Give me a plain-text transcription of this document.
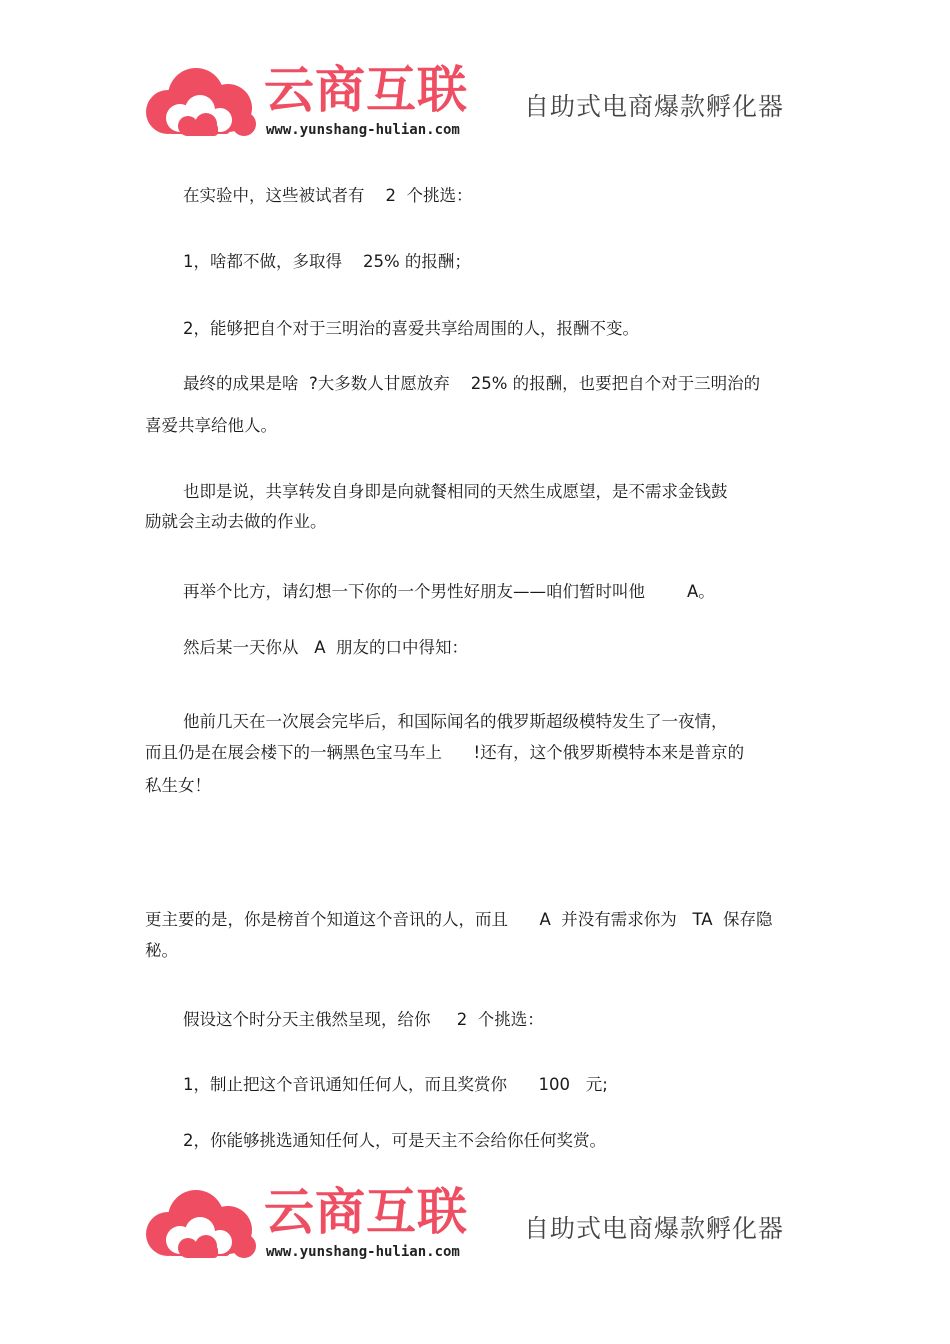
云商互联
www.yunshang-hulian.com
自助式电商爆款孵化器
在实验中，这些被试者有    2  个挑选：
1，啥都不做，多取得    25% 的报酬；
2，能够把自个对于三明治的喜爱共享给周围的人，报酬不变。
最终的成果是啥  ?大多数人甘愿放弃    25% 的报酬，也要把自个对于三明治的
喜爱共享给他人。
也即是说，共享转发自身即是向就餐相同的天然生成愿望，是不需求金钱鼓
励就会主动去做的作业。
再举个比方，请幻想一下你的一个男性好朋友——咱们暂时叫他        A。
然后某一天你从   A  朋友的口中得知：
他前几天在一次展会完毕后，和国际闻名的俄罗斯超级模特发生了一夜情，
而且仍是在展会楼下的一辆黑色宝马车上      !还有，这个俄罗斯模特本来是普京的
私生女！
更主要的是，你是榜首个知道这个音讯的人，而且      A  并没有需求你为   TA  保存隐
秘。
假设这个时分天主俄然呈现，给你     2  个挑选：
1，制止把这个音讯通知任何人，而且奖赏你      100   元;
2，你能够挑选通知任何人，可是天主不会给你任何奖赏。
云商互联
www.yunshang-hulian.com
自助式电商爆款孵化器
